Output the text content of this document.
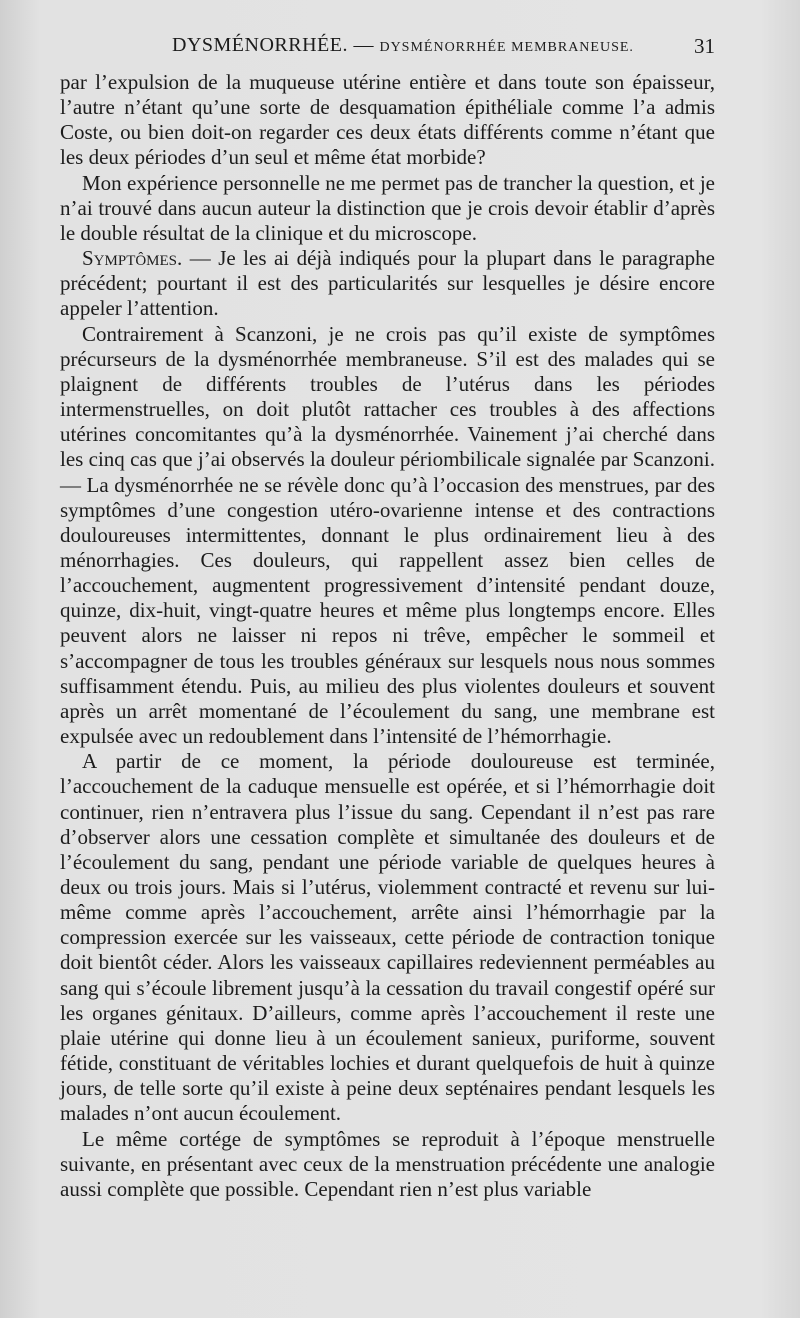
DYSMÉNORRHÉE. — DYSMÉNORRHÉE MEMBRANEUSE.	31

par l’expulsion de la muqueuse utérine entière et dans toute son épaisseur, l’autre n’étant qu’une sorte de desquamation épithéliale comme l’a admis Coste, ou bien doit-on regarder ces deux états différents comme n’étant que les deux périodes d’un seul et même état morbide?

Mon expérience personnelle ne me permet pas de trancher la question, et je n’ai trouvé dans aucun auteur la distinction que je crois devoir établir d’après le double résultat de la clinique et du microscope.

Symptômes. — Je les ai déjà indiqués pour la plupart dans le paragraphe précédent; pourtant il est des particularités sur lesquelles je désire encore appeler l’attention.

Contrairement à Scanzoni, je ne crois pas qu’il existe de symptômes précurseurs de la dysménorrhée membraneuse. S’il est des malades qui se plaignent de différents troubles de l’utérus dans les périodes intermenstruelles, on doit plutôt rattacher ces troubles à des affections utérines concomitantes qu’à la dysménorrhée. Vainement j’ai cherché dans les cinq cas que j’ai observés la douleur périombilicale signalée par Scanzoni. — La dysménorrhée ne se révèle donc qu’à l’occasion des menstrues, par des symptômes d’une congestion utéro-ovarienne intense et des contractions douloureuses intermittentes, donnant le plus ordinairement lieu à des ménorrhagies. Ces douleurs, qui rappellent assez bien celles de l’accouchement, augmentent progressivement d’intensité pendant douze, quinze, dix-huit, vingt-quatre heures et même plus longtemps encore. Elles peuvent alors ne laisser ni repos ni trêve, empêcher le sommeil et s’accompagner de tous les troubles généraux sur lesquels nous nous sommes suffisamment étendu. Puis, au milieu des plus violentes douleurs et souvent après un arrêt momentané de l’écoulement du sang, une membrane est expulsée avec un redoublement dans l’intensité de l’hémorrhagie.

A partir de ce moment, la période douloureuse est terminée, l’accouchement de la caduque mensuelle est opérée, et si l’hémorrhagie doit continuer, rien n’entravera plus l’issue du sang. Cependant il n’est pas rare d’observer alors une cessation complète et simultanée des douleurs et de l’écoulement du sang, pendant une période variable de quelques heures à deux ou trois jours. Mais si l’utérus, violemment contracté et revenu sur lui-même comme après l’accouchement, arrête ainsi l’hémorrhagie par la compression exercée sur les vaisseaux, cette période de contraction tonique doit bientôt céder. Alors les vaisseaux capillaires redeviennent perméables au sang qui s’écoule librement jusqu’à la cessation du travail congestif opéré sur les organes génitaux. D’ailleurs, comme après l’accouchement il reste une plaie utérine qui donne lieu à un écoulement sanieux, puriforme, souvent fétide, constituant de véritables lochies et durant quelquefois de huit à quinze jours, de telle sorte qu’il existe à peine deux septénaires pendant lesquels les malades n’ont aucun écoulement.

Le même cortége de symptômes se reproduit à l’époque menstruelle suivante, en présentant avec ceux de la menstruation précédente une analogie aussi complète que possible. Cependant rien n’est plus variable
